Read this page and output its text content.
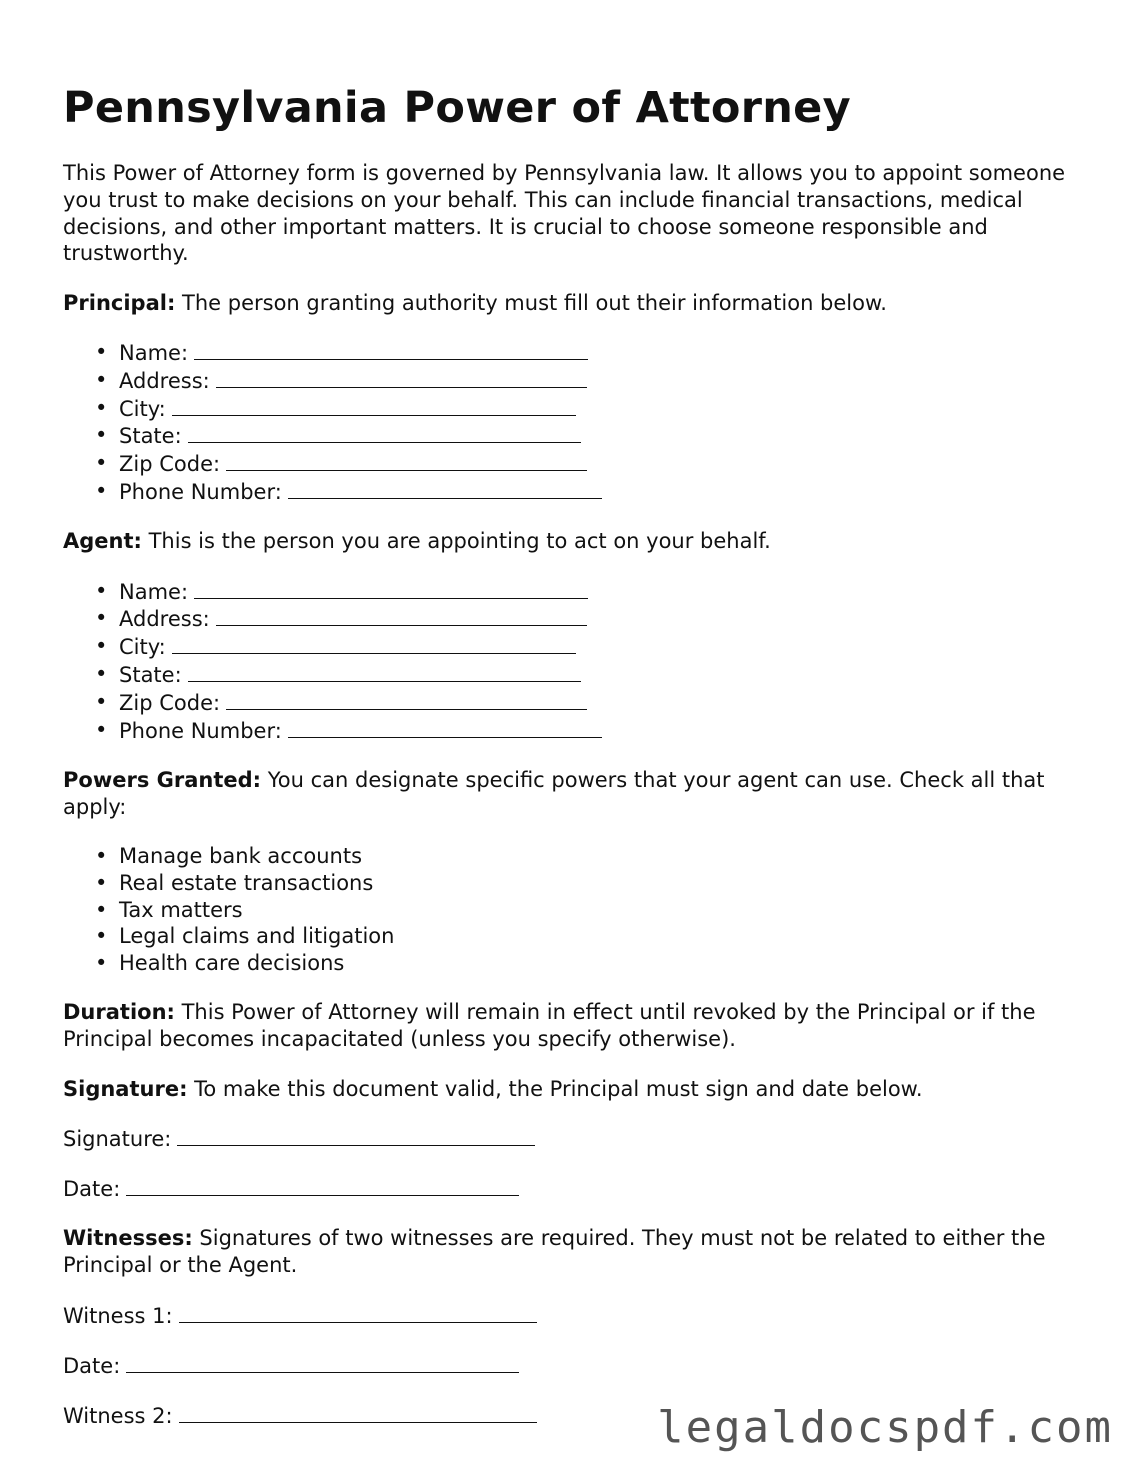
Pennsylvania Power of Attorney

This Power of Attorney form is governed by Pennsylvania law. It allows you to appoint someone you trust to make decisions on your behalf. This can include financial transactions, medical decisions, and other important matters. It is crucial to choose someone responsible and trustworthy.

Principal: The person granting authority must fill out their information below.

• Name:
• Address:
• City:
• State:
• Zip Code:
• Phone Number:

Agent: This is the person you are appointing to act on your behalf.

• Name:
• Address:
• City:
• State:
• Zip Code:
• Phone Number:

Powers Granted: You can designate specific powers that your agent can use. Check all that apply:

• Manage bank accounts
• Real estate transactions
• Tax matters
• Legal claims and litigation
• Health care decisions

Duration: This Power of Attorney will remain in effect until revoked by the Principal or if the Principal becomes incapacitated (unless you specify otherwise).

Signature: To make this document valid, the Principal must sign and date below.

Signature:

Date:

Witnesses: Signatures of two witnesses are required. They must not be related to either the Principal or the Agent.

Witness 1:

Date:

Witness 2:	legaldocspdf.com
